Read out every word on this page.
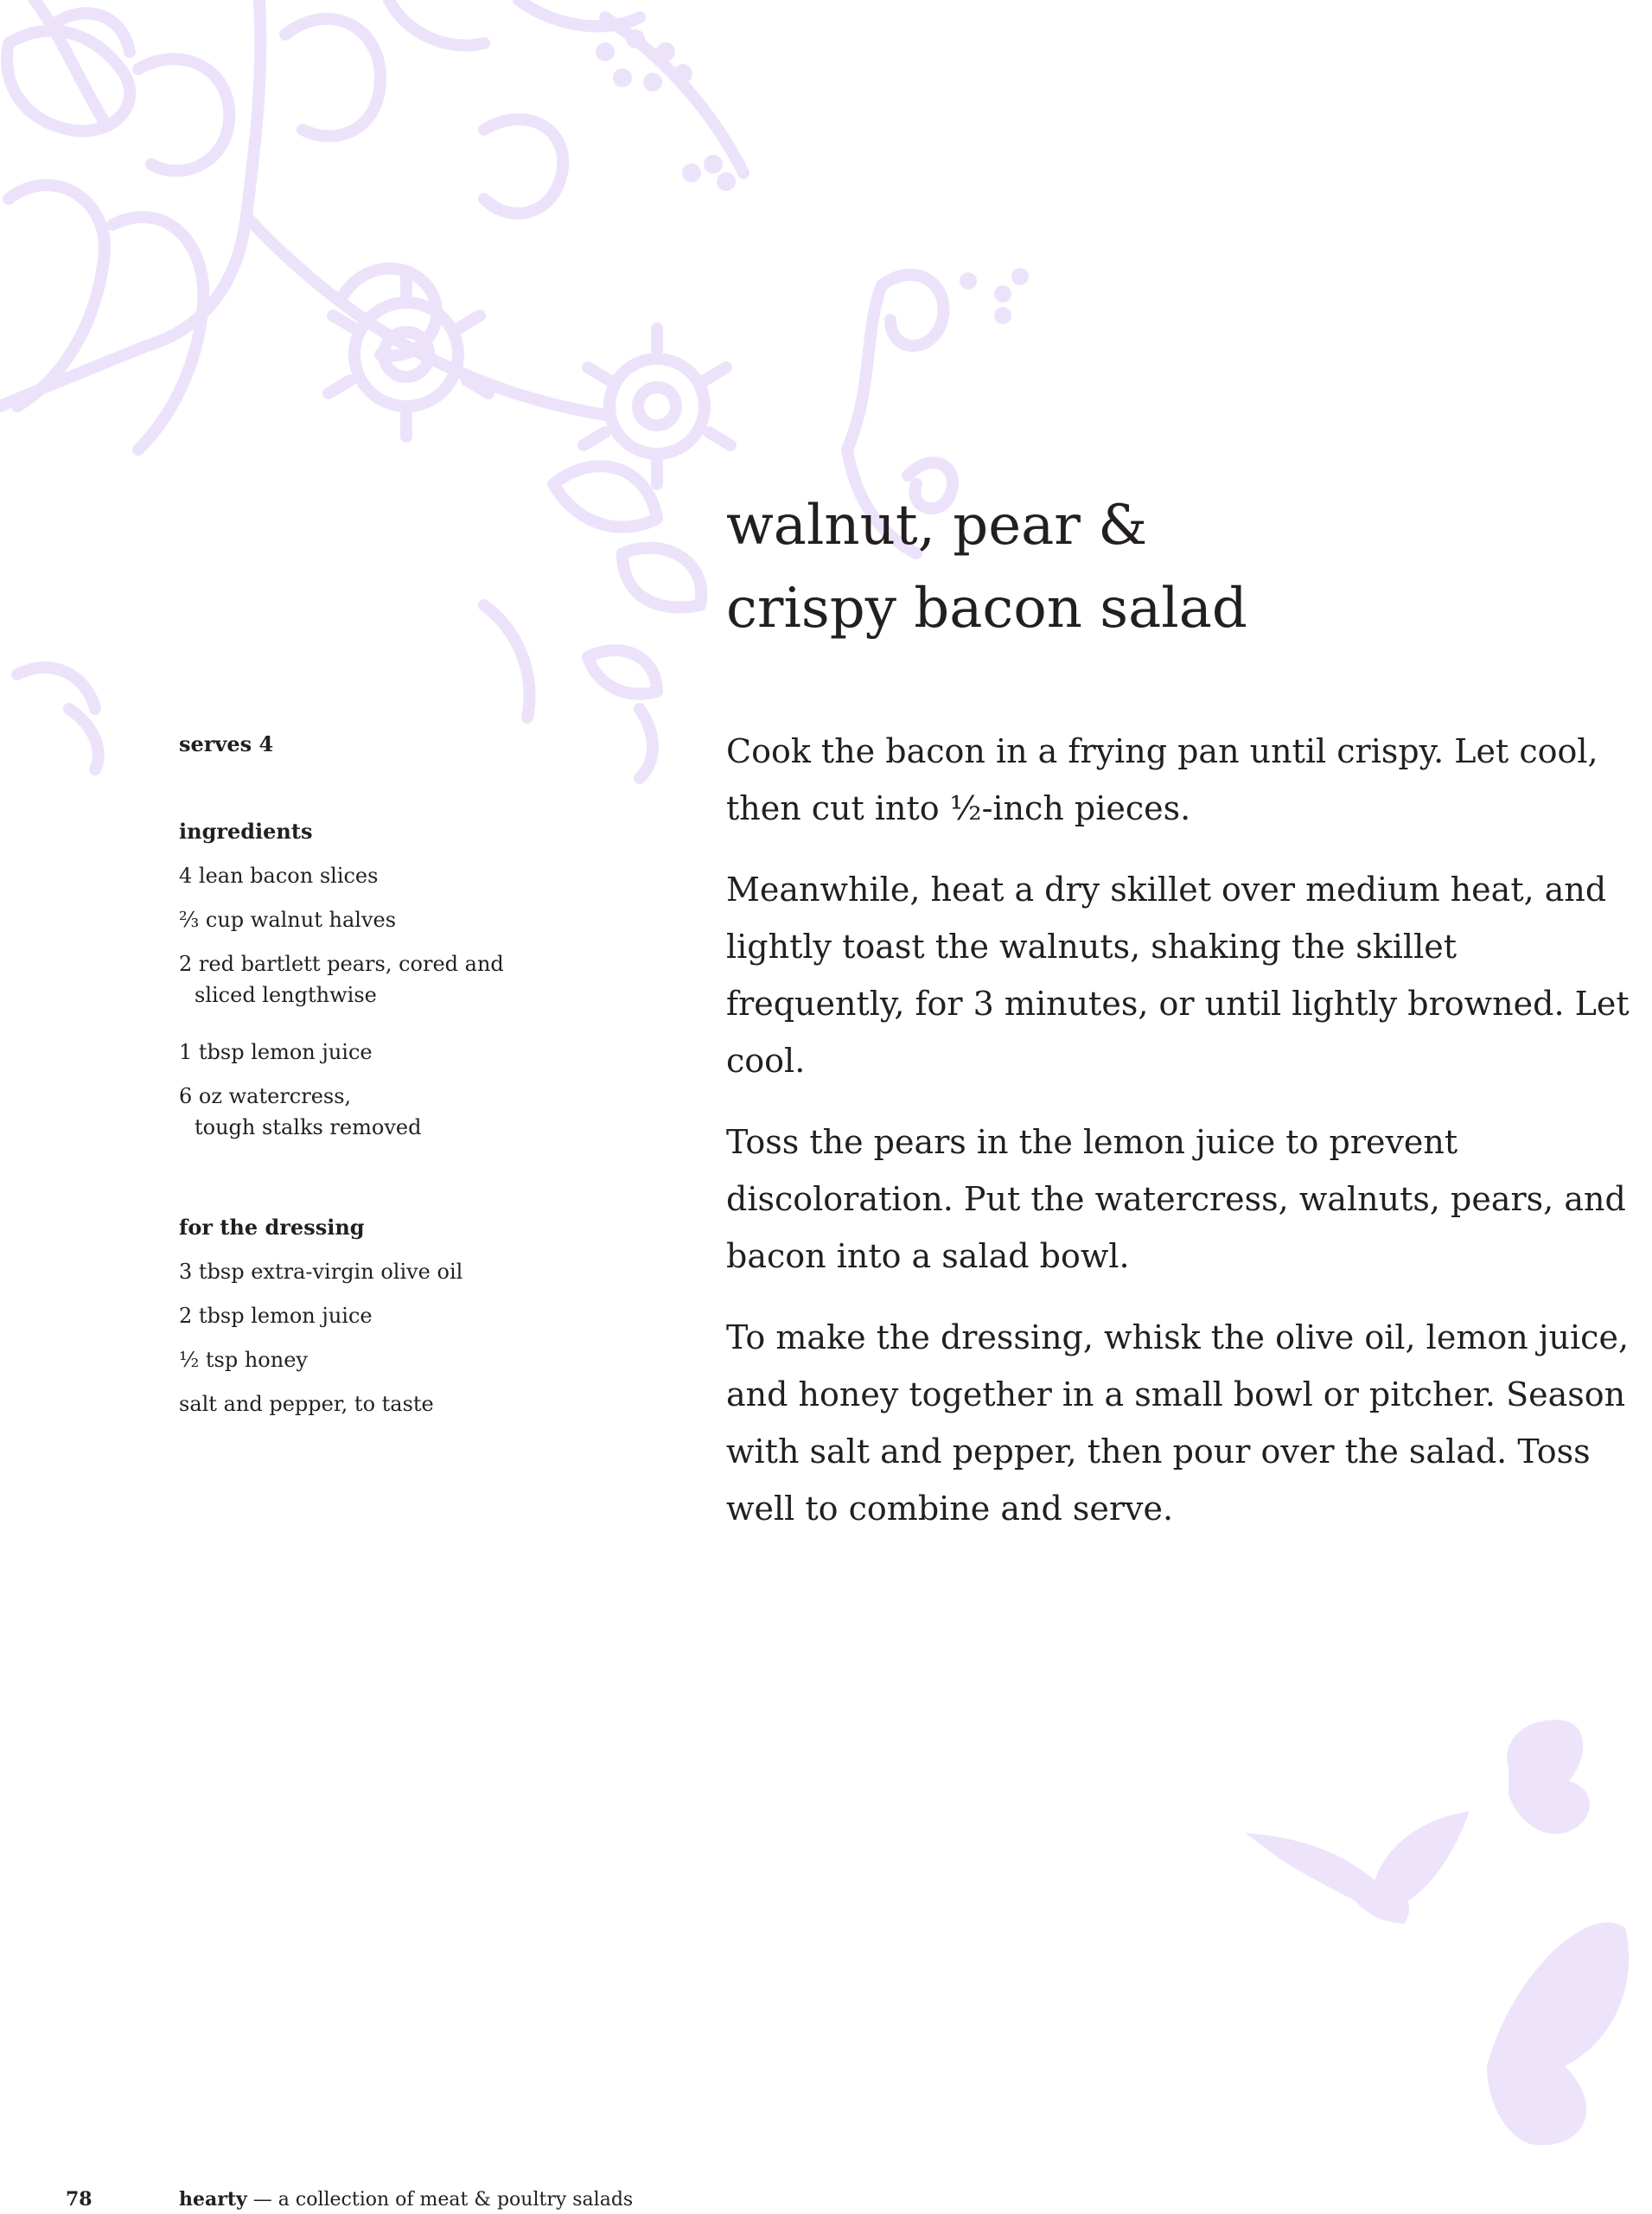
walnut, pear &
crispy bacon salad
serves 4
ingredients
4 lean bacon slices
⅔ cup walnut halves
2 red bartlett pears, cored and
sliced lengthwise
1 tbsp lemon juice
6 oz watercress,
tough stalks removed
for the dressing
3 tbsp extra-virgin olive oil
2 tbsp lemon juice
½ tsp honey
salt and pepper, to taste

Cook the bacon in a frying pan until crispy. Let cool, then cut into ½-inch pieces.

Meanwhile, heat a dry skillet over medium heat, and lightly toast the walnuts, shaking the skillet frequently, for 3 minutes, or until lightly browned. Let cool.

Toss the pears in the lemon juice to prevent discoloration. Put the watercress, walnuts, pears, and bacon into a salad bowl.

To make the dressing, whisk the olive oil, lemon juice, and honey together in a small bowl or pitcher. Season with salt and pepper, then pour over the salad. Toss well to combine and serve.

78	hearty — a collection of meat & poultry salads
